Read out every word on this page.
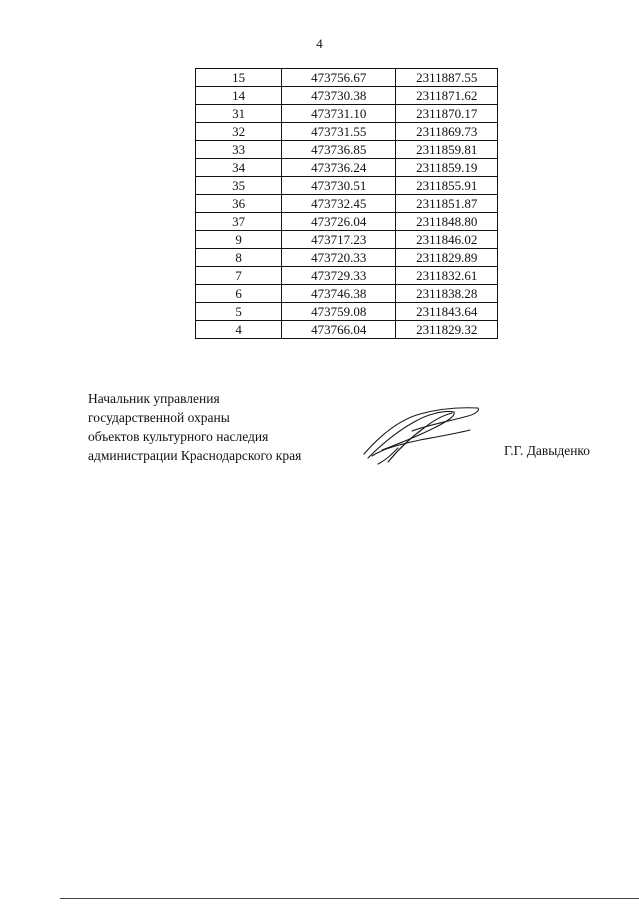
4
15	473756.67	2311887.55
14	473730.38	2311871.62
31	473731.10	2311870.17
32	473731.55	2311869.73
33	473736.85	2311859.81
34	473736.24	2311859.19
35	473730.51	2311855.91
36	473732.45	2311851.87
37	473726.04	2311848.80
9	473717.23	2311846.02
8	473720.33	2311829.89
7	473729.33	2311832.61
6	473746.38	2311838.28
5	473759.08	2311843.64
4	473766.04	2311829.32
Начальник управления
государственной охраны
объектов культурного наследия
администрации Краснодарского края	Г.Г. Давыденко
